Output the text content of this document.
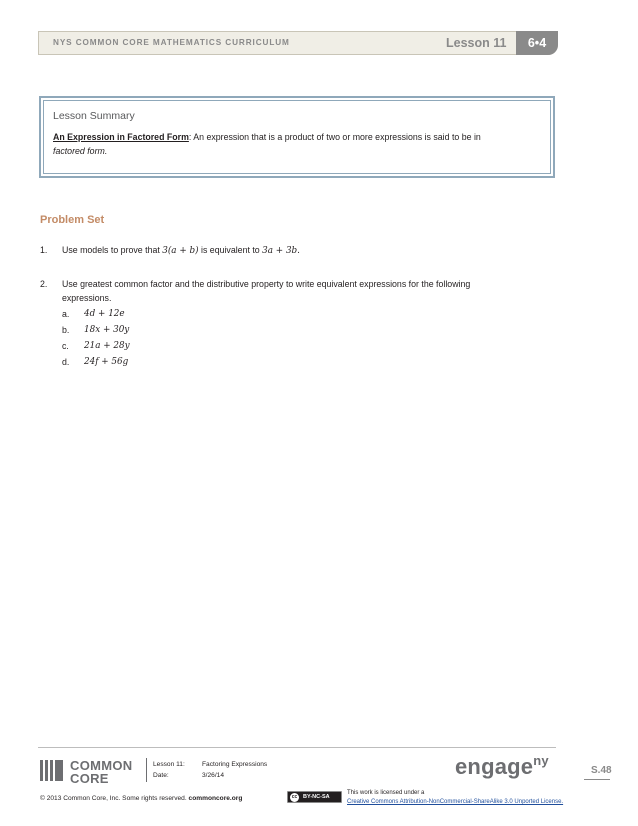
NYS COMMON CORE MATHEMATICS CURRICULUM	Lesson 11	6•4
Lesson Summary
An Expression in Factored Form: An expression that is a product of two or more expressions is said to be in
factored form.
Problem Set
1. Use models to prove that 3(a + b) is equivalent to 3a + 3b.
2. Use greatest common factor and the distributive property to write equivalent expressions for the following
expressions.
a. 4d + 12e
b. 18x + 30y
c. 21a + 28y
d. 24f + 56g
COMMON
CORE
Lesson 11:	Factoring Expressions
Date:	3/26/14	engage$^{ny}$
S.48
© 2013 Common Core, Inc. Some rights reserved. commoncore.org	cc	BY-NC-SA
This work is licensed under a
Creative Commons Attribution-NonCommercial-ShareAlike 3.0 Unported License.
